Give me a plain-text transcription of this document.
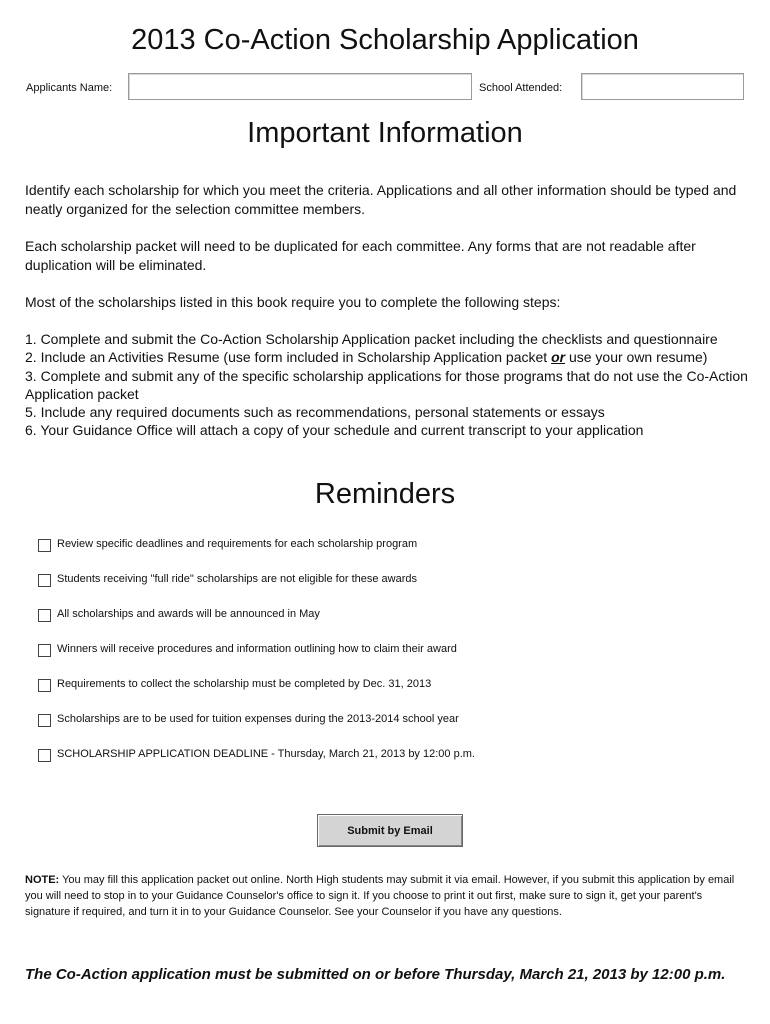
2013 Co-Action Scholarship Application
Applicants Name:	School Attended:
Important Information

Identify each scholarship for which you meet the criteria. Applications and all other information should be typed and neatly organized for the selection committee members.

Each scholarship packet will need to be duplicated for each committee. Any forms that are not readable after duplication will be eliminated.

Most of the scholarships listed in this book require you to complete the following steps:

1. Complete and submit the Co-Action Scholarship Application packet including the checklists and questionnaire
2. Include an Activities Resume (use form included in Scholarship Application packet or use your own resume)
3. Complete and submit any of the specific scholarship applications for those programs that do not use the Co-Action Application packet
5. Include any required documents such as recommendations, personal statements or essays
6. Your Guidance Office will attach a copy of your schedule and current transcript to your application
Reminders
Review specific deadlines and requirements for each scholarship program
Students receiving "full ride" scholarships are not eligible for these awards
All scholarships and awards will be announced in May
Winners will receive procedures and information outlining how to claim their award
Requirements to collect the scholarship must be completed by Dec. 31, 2013
Scholarships are to be used for tuition expenses during the 2013-2014 school year
SCHOLARSHIP APPLICATION DEADLINE - Thursday, March 21, 2013 by 12:00 p.m.
Submit by Email

NOTE: You may fill this application packet out online. North High students may submit it via email. However, if you submit this application by email you will need to stop in to your Guidance Counselor's office to sign it. If you choose to print it out first, make sure to sign it, get your parent's signature if required, and turn it in to your Guidance Counselor. See your Counselor if you have any questions.

The Co-Action application must be submitted on or before Thursday, March 21, 2013 by 12:00 p.m.
